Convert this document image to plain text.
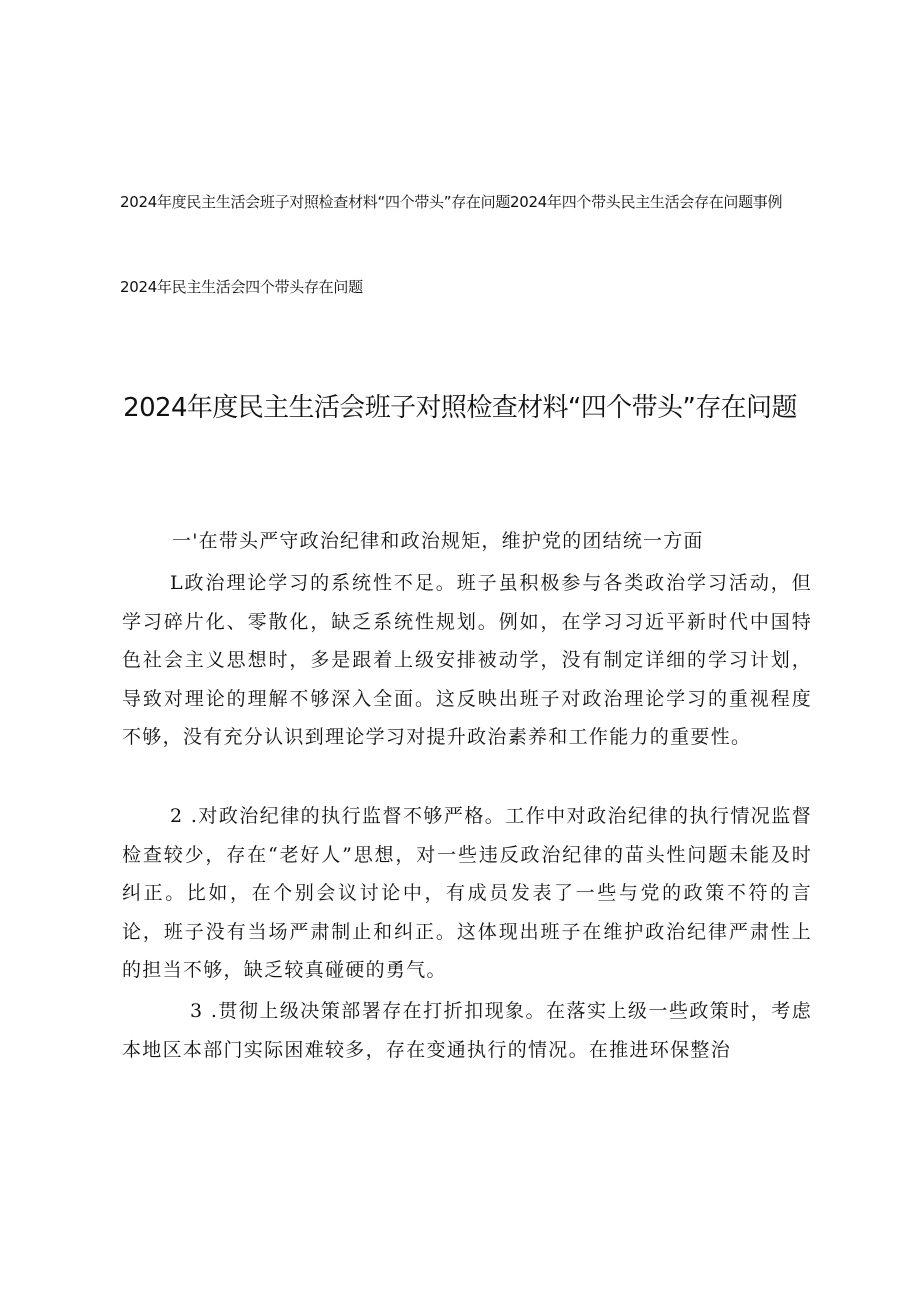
2024年度民主生活会班子对照检查材料“四个带头”存在问题2024年四个带头民主生活会存在问题事例
2024年民主生活会四个带头存在问题
2024年度民主生活会班子对照检查材料“四个带头”存在问题
一'在带头严守政治纪律和政治规矩，维护党的团结统一方面
L政治理论学习的系统性不足。班子虽积极参与各类政治学习活动，但学习碎片化、零散化，缺乏系统性规划。例如，在学习习近平新时代中国特色社会主义思想时，多是跟着上级安排被动学，没有制定详细的学习计划，导致对理论的理解不够深入全面。这反映出班子对政治理论学习的重视程度不够，没有充分认识到理论学习对提升政治素养和工作能力的重要性。
2 .对政治纪律的执行监督不够严格。工作中对政治纪律的执行情况监督检查较少，存在“老好人”思想，对一些违反政治纪律的苗头性问题未能及时纠正。比如，在个别会议讨论中，有成员发表了一些与党的政策不符的言论，班子没有当场严肃制止和纠正。这体现出班子在维护政治纪律严肃性上的担当不够，缺乏较真碰硬的勇气。
3 .贯彻上级决策部署存在打折扣现象。在落实上级一些政策时，考虑本地区本部门实际困难较多，存在变通执行的情况。在推进环保整治
